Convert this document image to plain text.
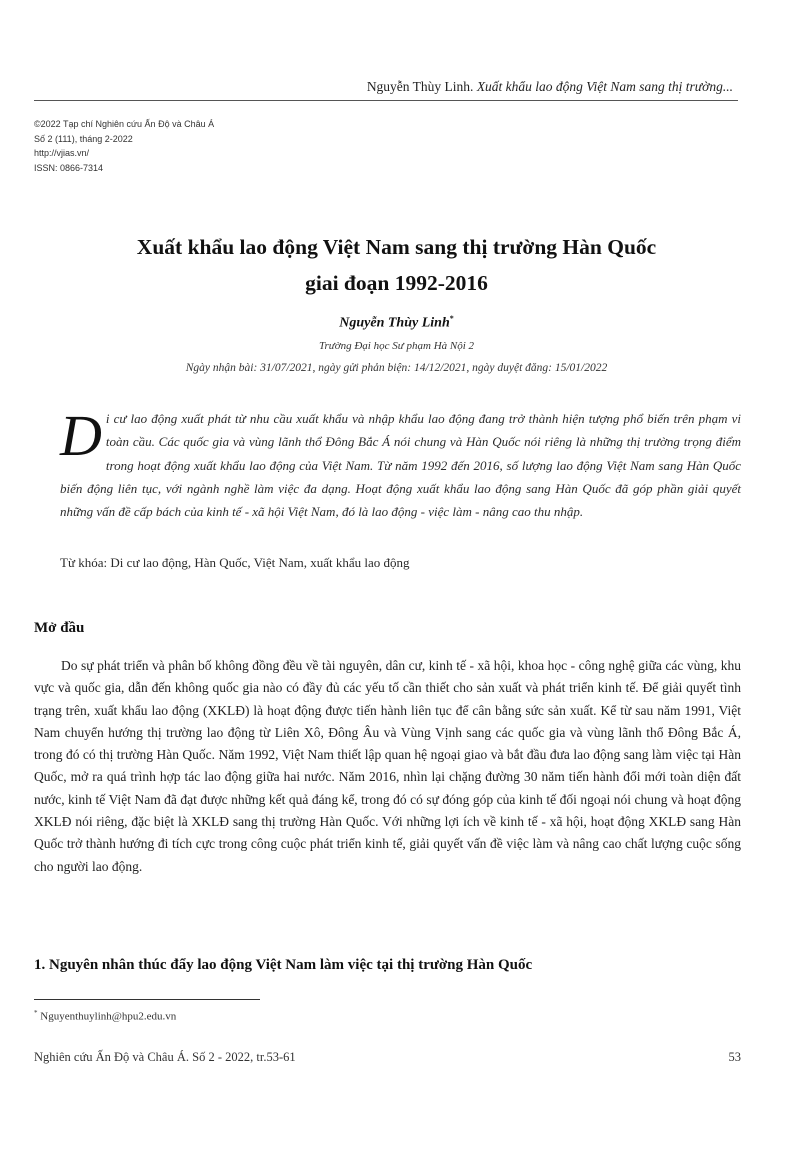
Nguyễn Thùy Linh. Xuất khẩu lao động Việt Nam sang thị trường...
©2022 Tạp chí Nghiên cứu Ấn Độ và Châu Á
Số 2 (111), tháng 2-2022
http://vjias.vn/
ISSN: 0866-7314
Xuất khẩu lao động Việt Nam sang thị trường Hàn Quốc
giai đoạn 1992-2016
Nguyễn Thùy Linh*
Trường Đại học Sư phạm Hà Nội 2
Ngày nhận bài: 31/07/2021, ngày gửi phản biện: 14/12/2021, ngày duyệt đăng: 15/01/2022
Di cư lao động xuất phát từ nhu cầu xuất khẩu và nhập khẩu lao động đang trở thành hiện tượng phổ biến trên phạm vi toàn cầu. Các quốc gia và vùng lãnh thổ Đông Bắc Á nói chung và Hàn Quốc nói riêng là những thị trường trọng điểm trong hoạt động xuất khẩu lao động của Việt Nam. Từ năm 1992 đến 2016, số lượng lao động Việt Nam sang Hàn Quốc biến động liên tục, với ngành nghề làm việc đa dạng. Hoạt động xuất khẩu lao động sang Hàn Quốc đã góp phần giải quyết những vấn đề cấp bách của kinh tế - xã hội Việt Nam, đó là lao động - việc làm - nâng cao thu nhập.
Từ khóa: Di cư lao động, Hàn Quốc, Việt Nam, xuất khẩu lao động
Mở đầu
Do sự phát triển và phân bố không đồng đều về tài nguyên, dân cư, kinh tế - xã hội, khoa học - công nghệ giữa các vùng, khu vực và quốc gia, dẫn đến không quốc gia nào có đầy đủ các yếu tố cần thiết cho sản xuất và phát triển kinh tế. Để giải quyết tình trạng trên, xuất khẩu lao động (XKLĐ) là hoạt động được tiến hành liên tục để cân bằng sức sản xuất. Kể từ sau năm 1991, Việt Nam chuyển hướng thị trường lao động từ Liên Xô, Đông Âu và Vùng Vịnh sang các quốc gia và vùng lãnh thổ Đông Bắc Á, trong đó có thị trường Hàn Quốc. Năm 1992, Việt Nam thiết lập quan hệ ngoại giao và bắt đầu đưa lao động sang làm việc tại Hàn Quốc, mở ra quá trình hợp tác lao động giữa hai nước. Năm 2016, nhìn lại chặng đường 30 năm tiến hành đổi mới toàn diện đất nước, kinh tế Việt Nam đã đạt được những kết quả đáng kể, trong đó có sự đóng góp của kinh tế đối ngoại nói chung và hoạt động XKLĐ nói riêng, đặc biệt là XKLĐ sang thị trường Hàn Quốc. Với những lợi ích về kinh tế - xã hội, hoạt động XKLĐ sang Hàn Quốc trở thành hướng đi tích cực trong công cuộc phát triển kinh tế, giải quyết vấn đề việc làm và nâng cao chất lượng cuộc sống cho người lao động.
1. Nguyên nhân thúc đẩy lao động Việt Nam làm việc tại thị trường Hàn Quốc
* Nguyenthuylinh@hpu2.edu.vn
Nghiên cứu Ấn Độ và Châu Á. Số 2 - 2022, tr.53-61	53
